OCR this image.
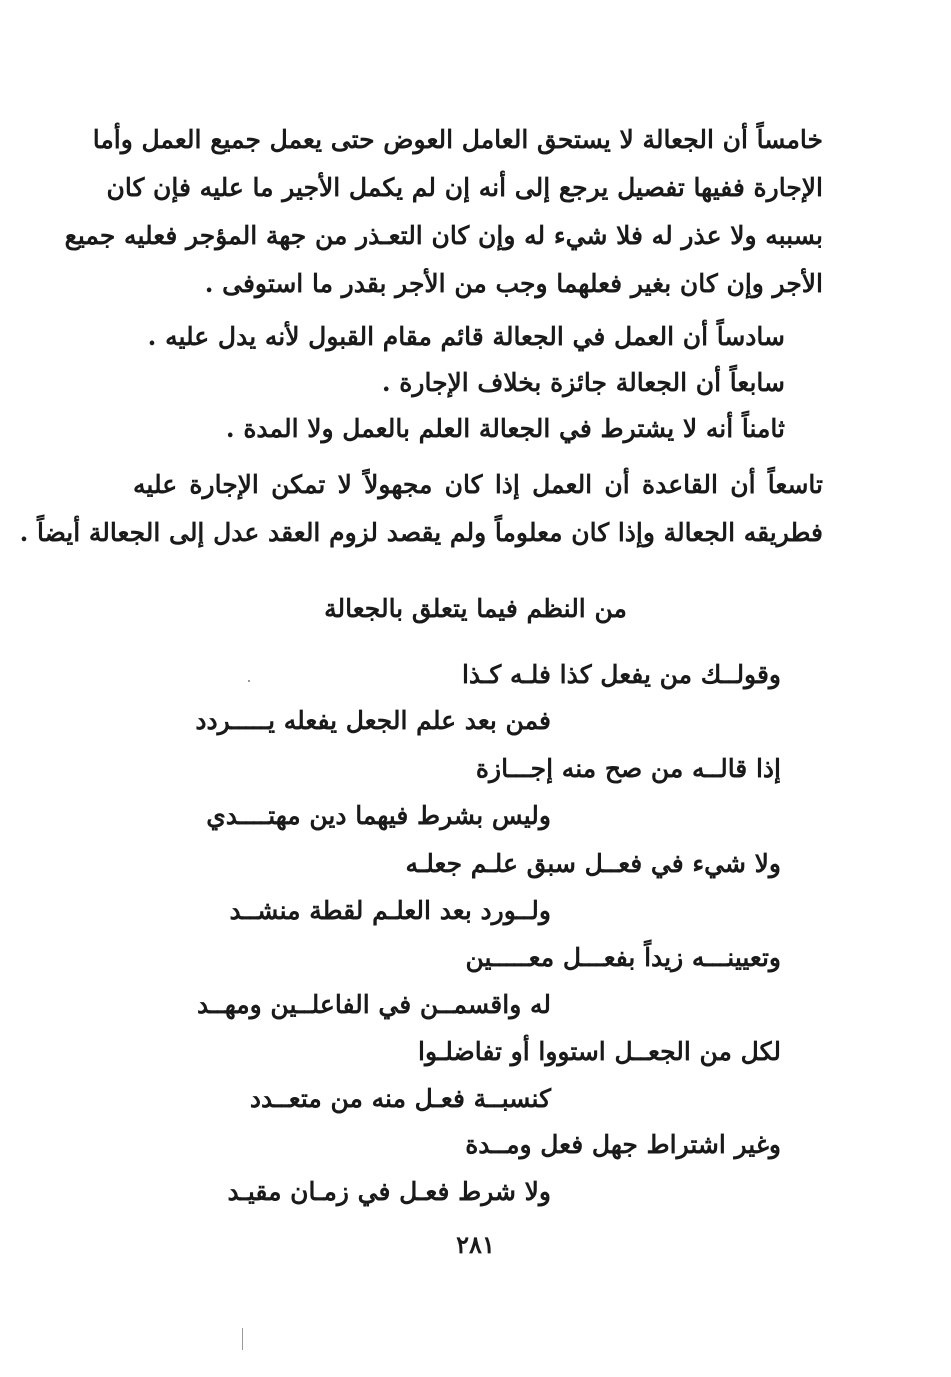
خامساً أن الجعالة لا يستحق العامل العوض حتى يعمل جميع العمل وأما
الإجارة ففيها تفصيل يرجع إلى أنه إن لم يكمل الأجير ما عليه فإن كان
بسببه ولا عذر له فلا شيء له وإن كان التعـذر من جهة المؤجر فعليه جميع
الأجر وإن كان بغير فعلهما وجب من الأجر بقدر ما استوفى .
سادساً أن العمل في الجعالة قائم مقام القبول لأنه يدل عليه .
سابعاً أن الجعالة جائزة بخلاف الإجارة .
ثامناً أنه لا يشترط في الجعالة العلم بالعمل ولا المدة .
تاسعاً أن القاعدة أن العمل إذا كان مجهولاً لا تمكن الإجارة عليه
فطريقه الجعالة وإذا كان معلوماً ولم يقصد لزوم العقد عدل إلى الجعالة أيضاً .
من النظم فيما يتعلق بالجعالة
وقولــك من يفعل كذا فلـه كـذا
فمن بعد علم الجعل يفعله يـــــردد
إذا قالــه من صح منه إجـــازة
وليس بشرط فيهما دين مهتــــدي
ولا شيء في فعــل سبق علـم جعلـه
ولــورد بعد العلـم لقطة منشــد
وتعيينـــه زيداً بفعـــل معـــــين
له واقسمــن في الفاعلــين ومهــد
لكل من الجعــل استووا أو تفاضلـوا
كنسبــة فعـل منه من متعــدد
وغير اشتراط جهل فعل ومــدة
ولا شرط فعـل في زمـان مقيـد
٢٨١
